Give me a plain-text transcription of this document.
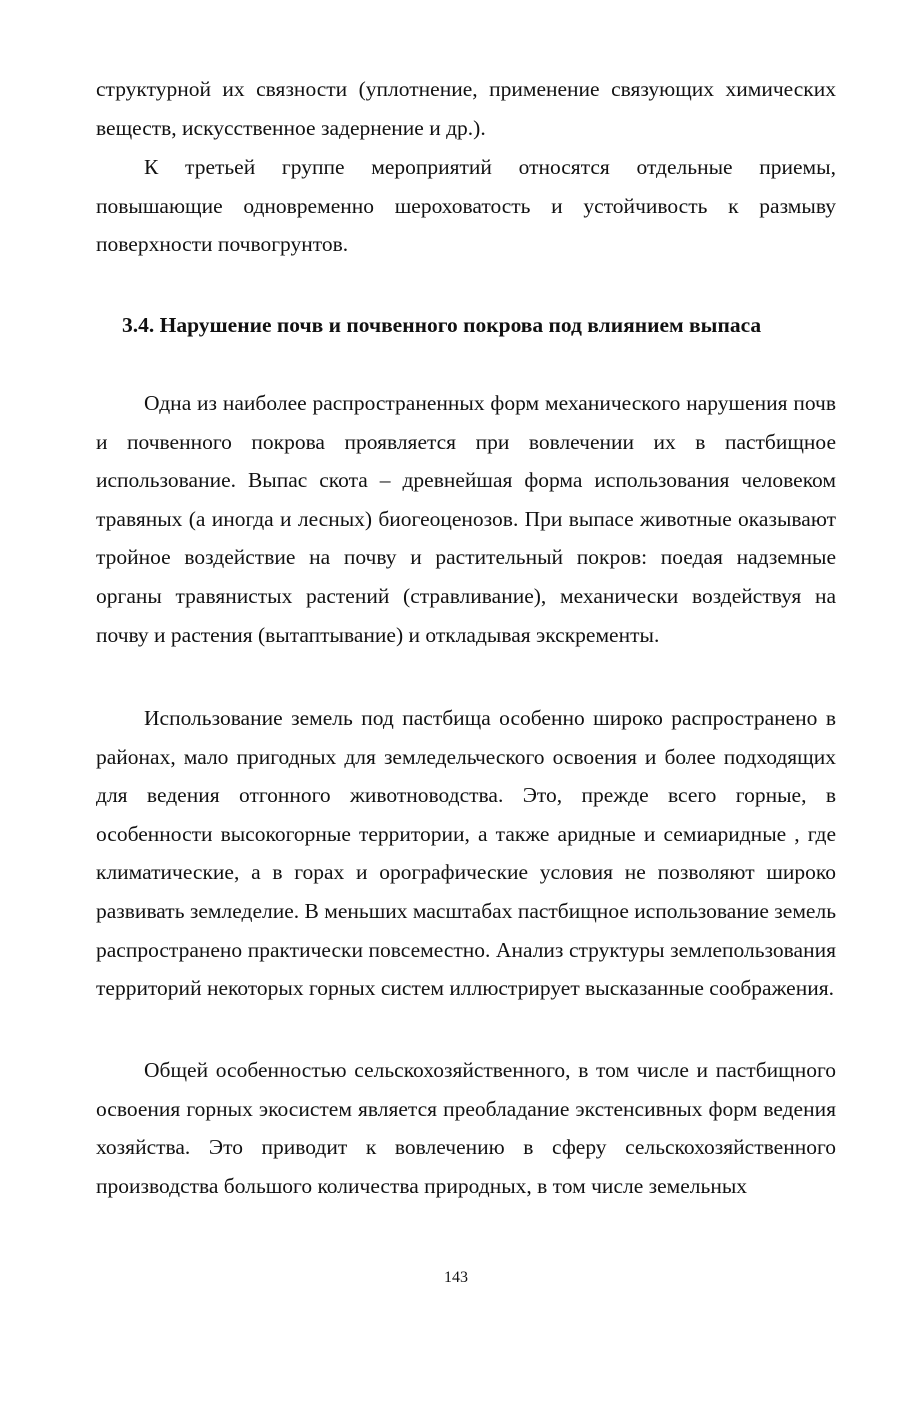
структурной их связности (уплотнение, применение связующих химических веществ, искусственное задернение и др.).

К третьей группе мероприятий относятся отдельные приемы, повышающие одновременно шероховатость и устойчивость к размыву поверхности почвогрунтов.

3.4. Нарушение почв и почвенного покрова под влиянием выпаса

Одна из наиболее распространенных форм механического нарушения почв и почвенного покрова проявляется при вовлечении их в пастбищное использование. Выпас скота – древнейшая форма использования человеком травяных (а иногда и лесных) биогеоценозов. При выпасе животные оказывают тройное воздействие на почву и растительный покров: поедая надземные органы травянистых растений (стравливание), механически воздействуя на почву и растения (вытаптывание) и откладывая экскременты.

Использование земель под пастбища особенно широко распространено в районах, мало пригодных для земледельческого освоения и более подходящих для ведения отгонного животноводства. Это, прежде всего горные, в особенности высокогорные территории, а также аридные и семиаридные , где климатические, а в горах и орографические условия не позволяют широко развивать земледелие. В меньших масштабах пастбищное использование земель распространено практически повсеместно. Анализ структуры землепользования территорий некоторых горных систем иллюстрирует высказанные соображения.

Общей особенностью сельскохозяйственного, в том числе и пастбищного освоения горных экосистем является преобладание экстенсивных форм ведения хозяйства. Это приводит к вовлечению в сферу сельскохозяйственного производства большого количества природных, в том числе земельных

143
